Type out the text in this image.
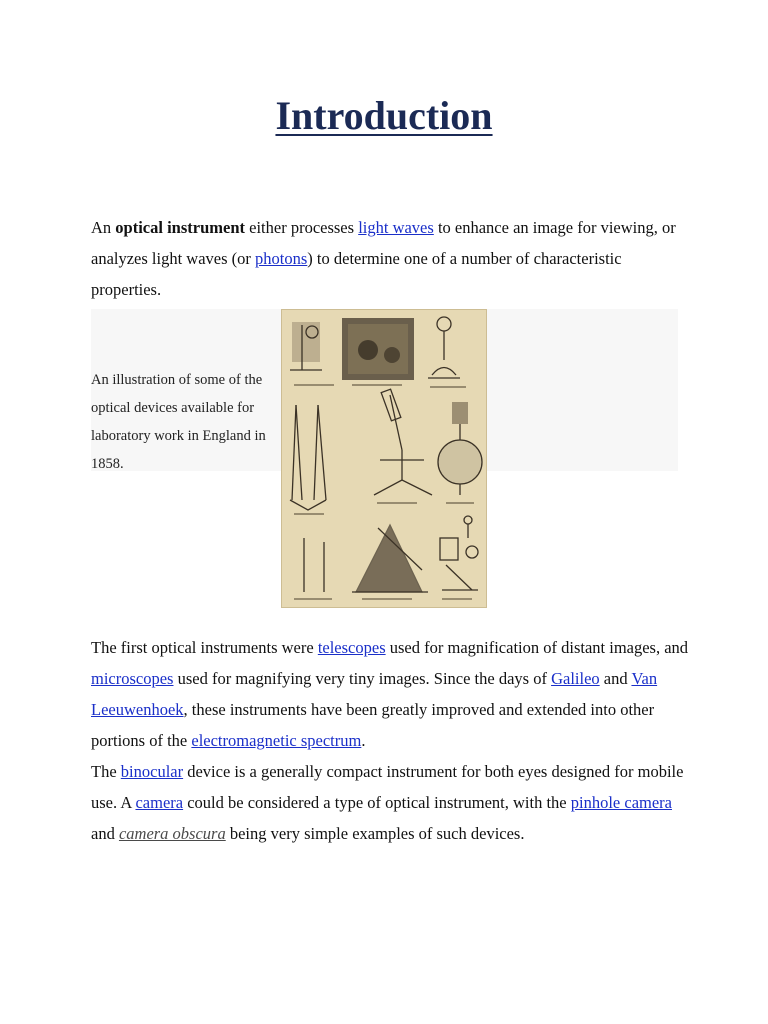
Introduction

An optical instrument either processes light waves to enhance an image for viewing, or analyzes light waves (or photons) to determine one of a number of characteristic properties.

An illustration of some of the optical devices available for laboratory work in England in 1858.

The first optical instruments were telescopes used for magnification of distant images, and microscopes used for magnifying very tiny images. Since the days of Galileo and Van Leeuwenhoek, these instruments have been greatly improved and extended into other portions of the electromagnetic spectrum.
The binocular device is a generally compact instrument for both eyes designed for mobile use. A camera could be considered a type of optical instrument, with the pinhole camera and camera obscura being very simple examples of such devices.
